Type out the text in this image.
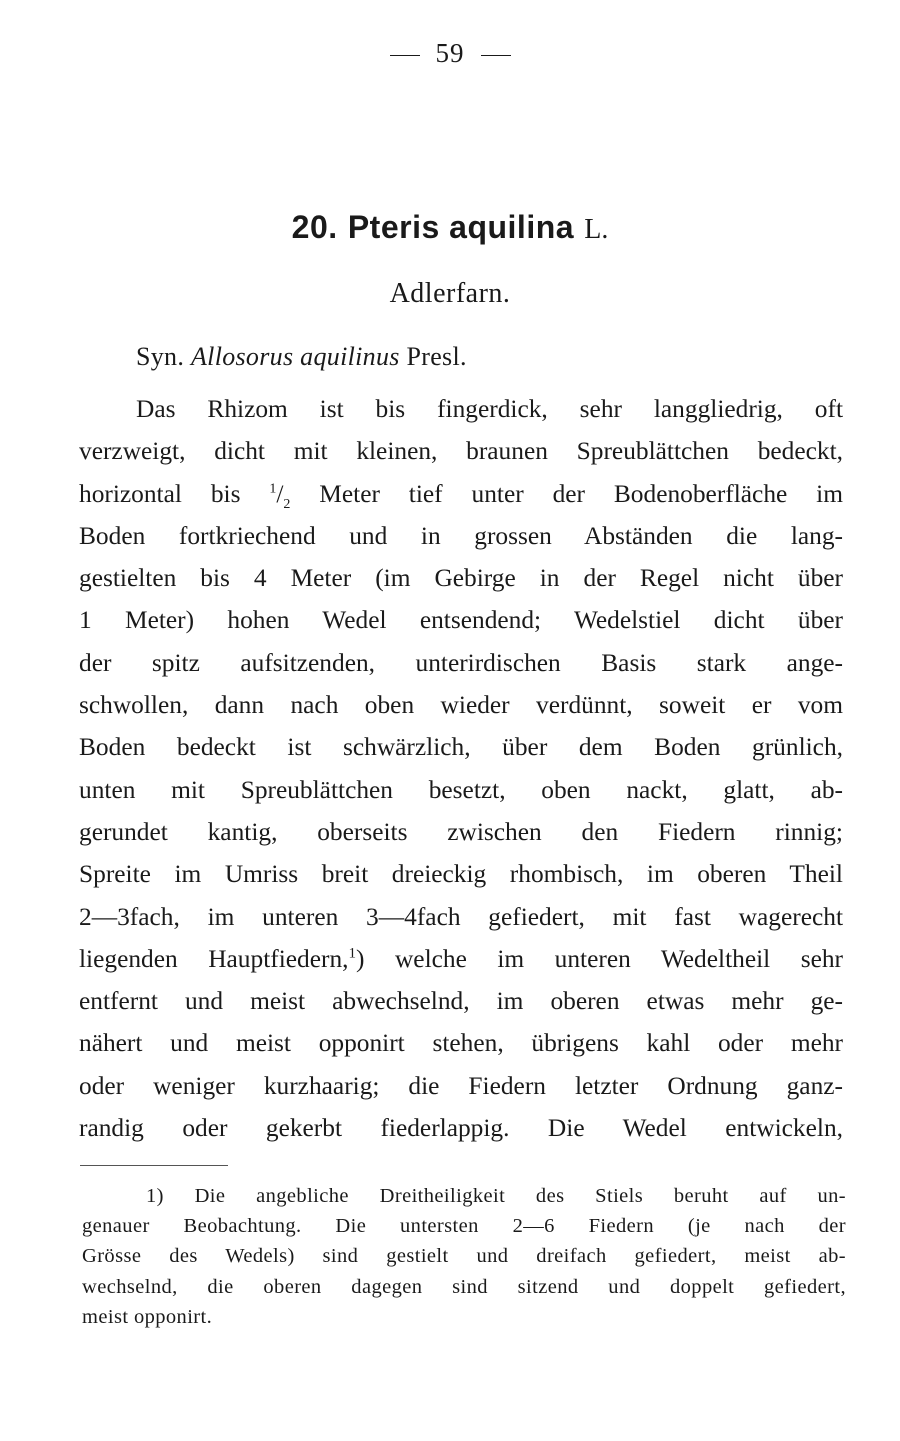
59
20. Pteris aquilina L.
Adlerfarn.
Syn. Allosorus aquilinus Presl.
Das Rhizom ist bis fingerdick, sehr langgliedrig, oft
verzweigt, dicht mit kleinen, braunen Spreublättchen bedeckt,
horizontal bis $^1/_2$ Meter tief unter der Bodenoberfläche im
Boden fortkriechend und in grossen Abständen die lang-
gestielten bis 4 Meter (im Gebirge in der Regel nicht über
1 Meter) hohen Wedel entsendend; Wedelstiel dicht über
der spitz aufsitzenden, unterirdischen Basis stark ange-
schwollen, dann nach oben wieder verdünnt, soweit er vom
Boden bedeckt ist schwärzlich, über dem Boden grünlich,
unten mit Spreublättchen besetzt, oben nackt, glatt, ab-
gerundet kantig, oberseits zwischen den Fiedern rinnig;
Spreite im Umriss breit dreieckig rhombisch, im oberen Theil
2—3fach, im unteren 3—4fach gefiedert, mit fast wagerecht
liegenden Hauptfiedern,$^1$) welche im unteren Wedeltheil sehr
entfernt und meist abwechselnd, im oberen etwas mehr ge-
nähert und meist opponirt stehen, übrigens kahl oder mehr
oder weniger kurzhaarig; die Fiedern letzter Ordnung ganz-
randig oder gekerbt fiederlappig. Die Wedel entwickeln,
1) Die angebliche Dreitheiligkeit des Stiels beruht auf un-
genauer Beobachtung. Die untersten 2—6 Fiedern (je nach der
Grösse des Wedels) sind gestielt und dreifach gefiedert, meist ab-
wechselnd, die oberen dagegen sind sitzend und doppelt gefiedert,
meist opponirt.
